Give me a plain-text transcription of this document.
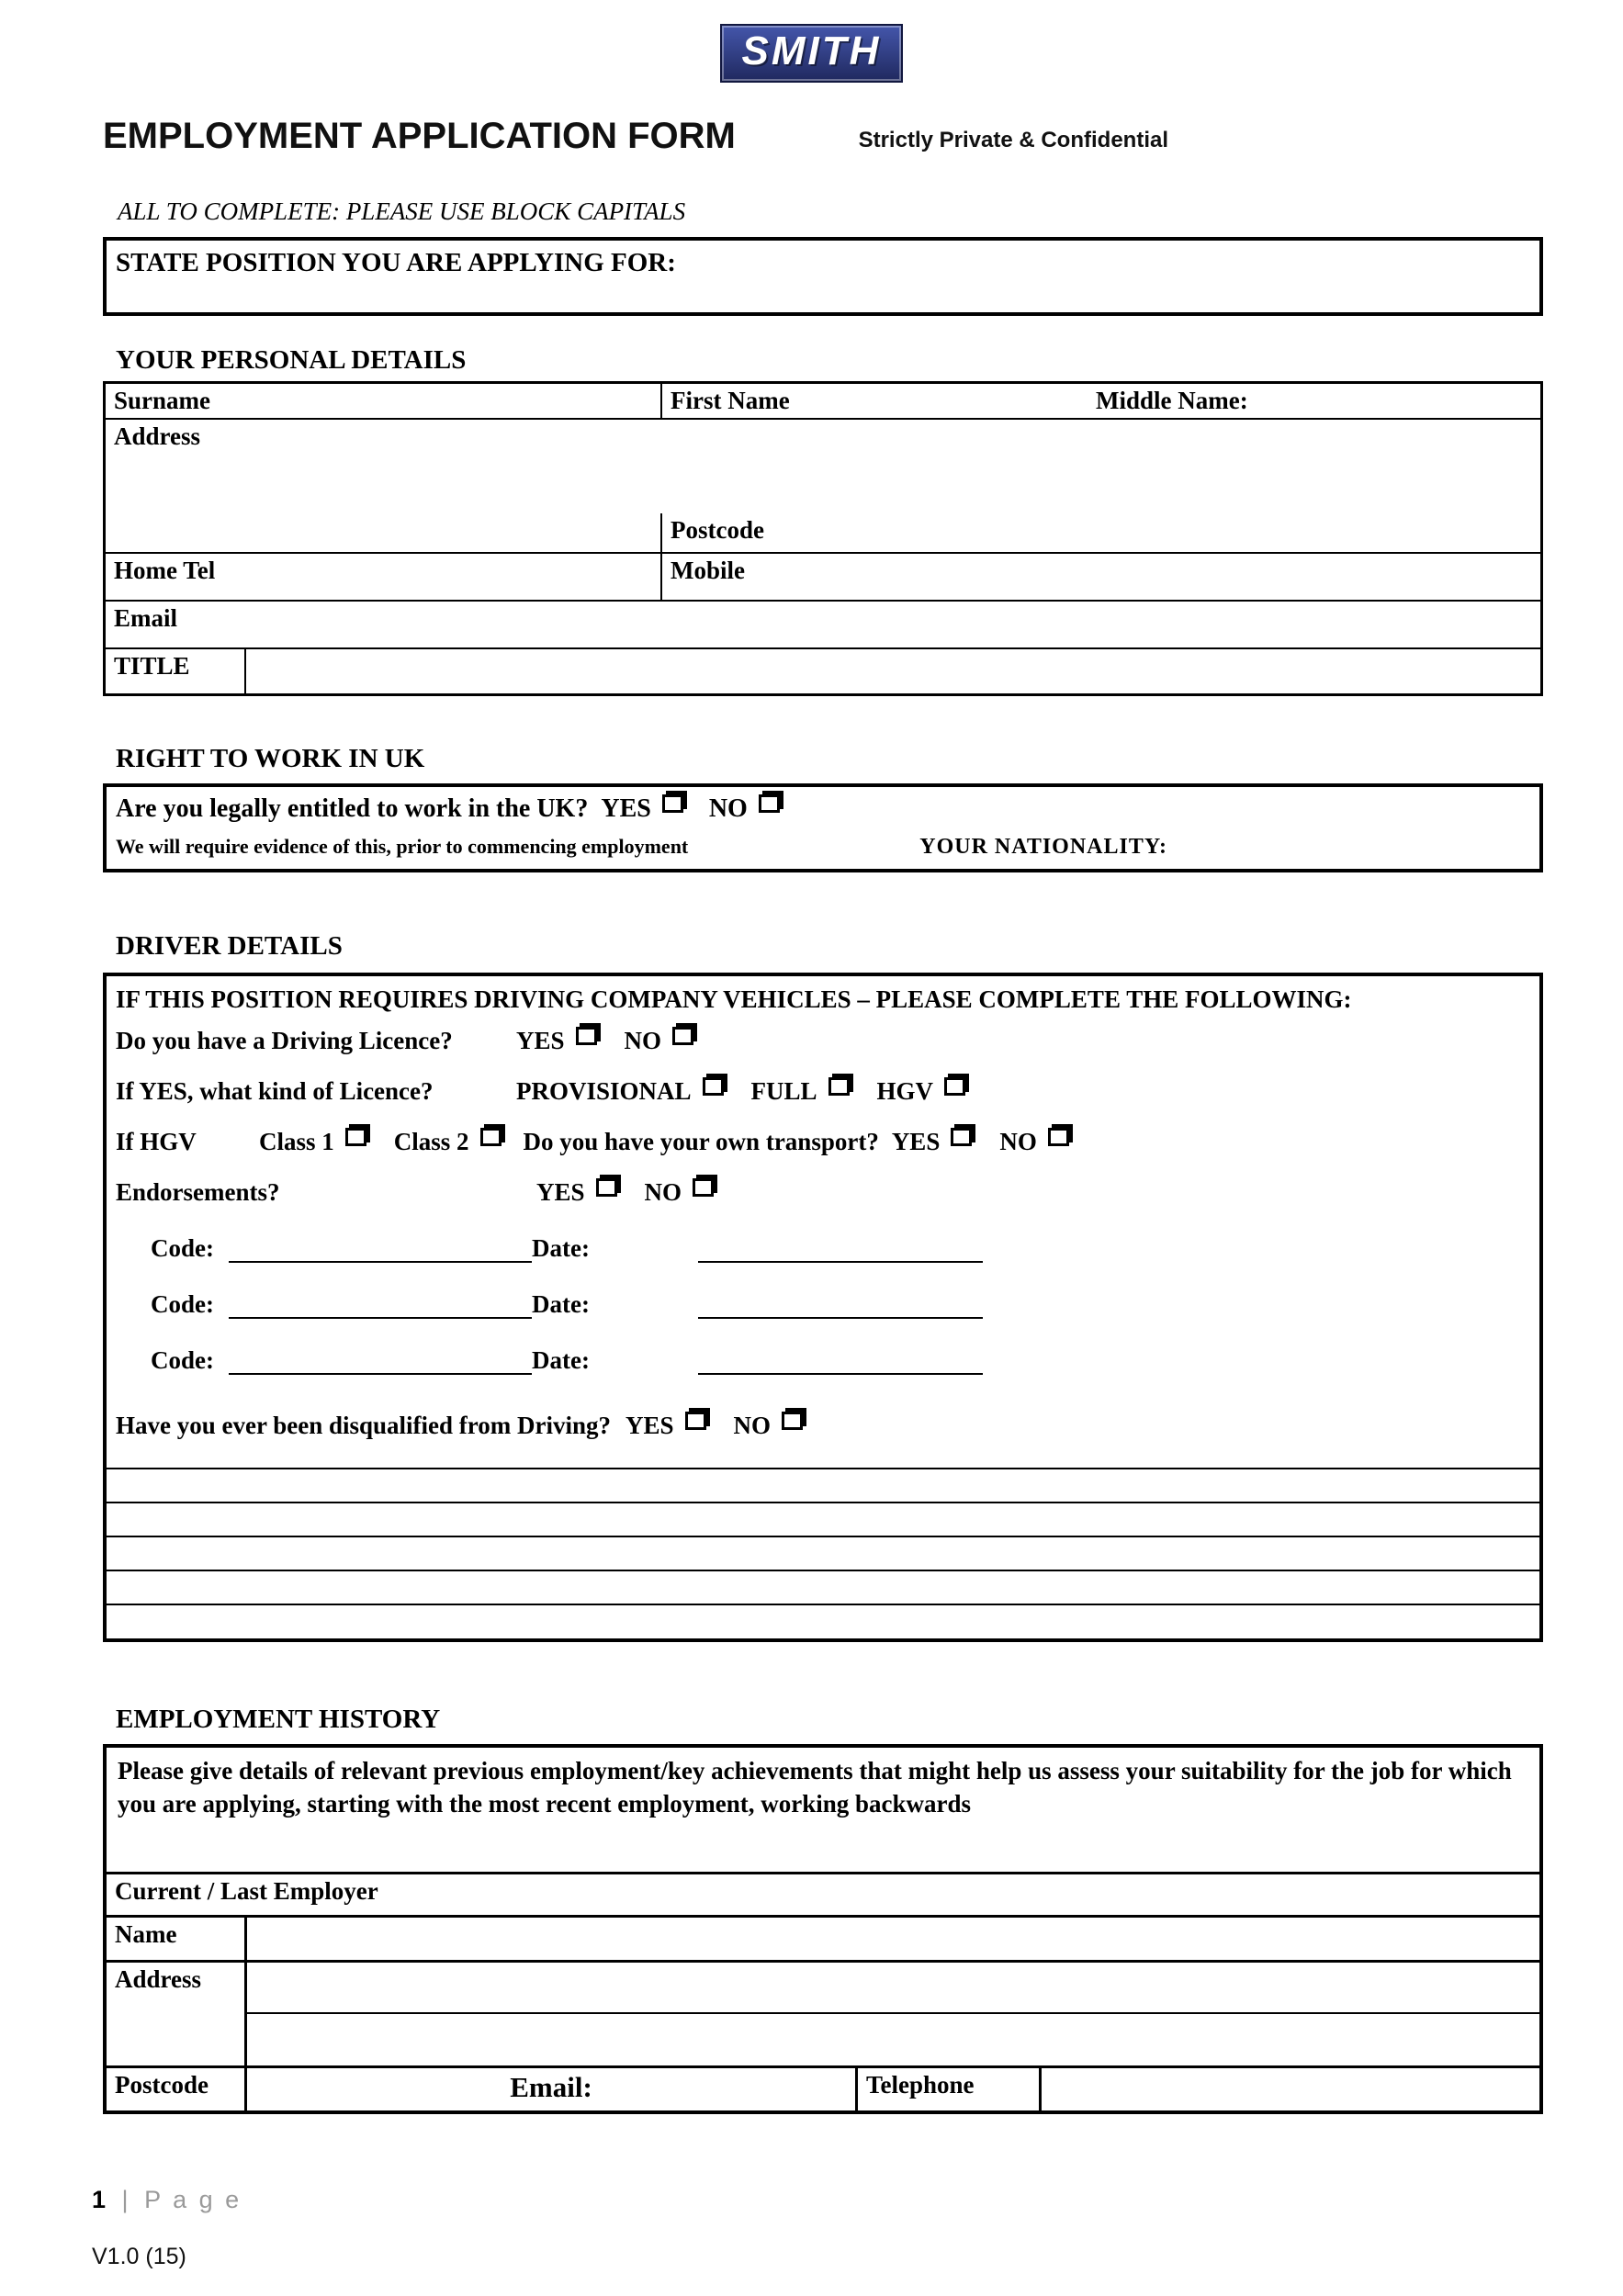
SMITH
EMPLOYMENT APPLICATION FORM	Strictly Private & Confidential
ALL TO COMPLETE: PLEASE USE BLOCK CAPITALS
STATE POSITION YOU ARE APPLYING FOR:
YOUR PERSONAL DETAILS
Surname	First Name	Middle Name:
Address
Postcode
Home Tel	Mobile
Email
TITLE
RIGHT TO WORK IN UK
Are you legally entitled to work in the UK? YES NO
We will require evidence of this, prior to commencing employment	YOUR NATIONALITY:
DRIVER DETAILS
IF THIS POSITION REQUIRES DRIVING COMPANY VEHICLES – PLEASE COMPLETE THE FOLLOWING:
Do you have a Driving Licence?	YES NO
If YES, what kind of Licence?	PROVISIONAL FULL HGV
If HGV	Class 1 Class 2 Do you have your own transport? YES NO
Endorsements?	YES NO
Code:	Date:
Code:	Date:
Code:	Date:
Have you ever been disqualified from Driving? YES NO
EMPLOYMENT HISTORY
Please give details of relevant previous employment/key achievements that might help us assess your suitability for the job for which you are applying, starting with the most recent employment, working backwards
Current / Last Employer
Name
Address
Postcode	Email:	Telephone
1 | P a g e
V1.0 (15)
